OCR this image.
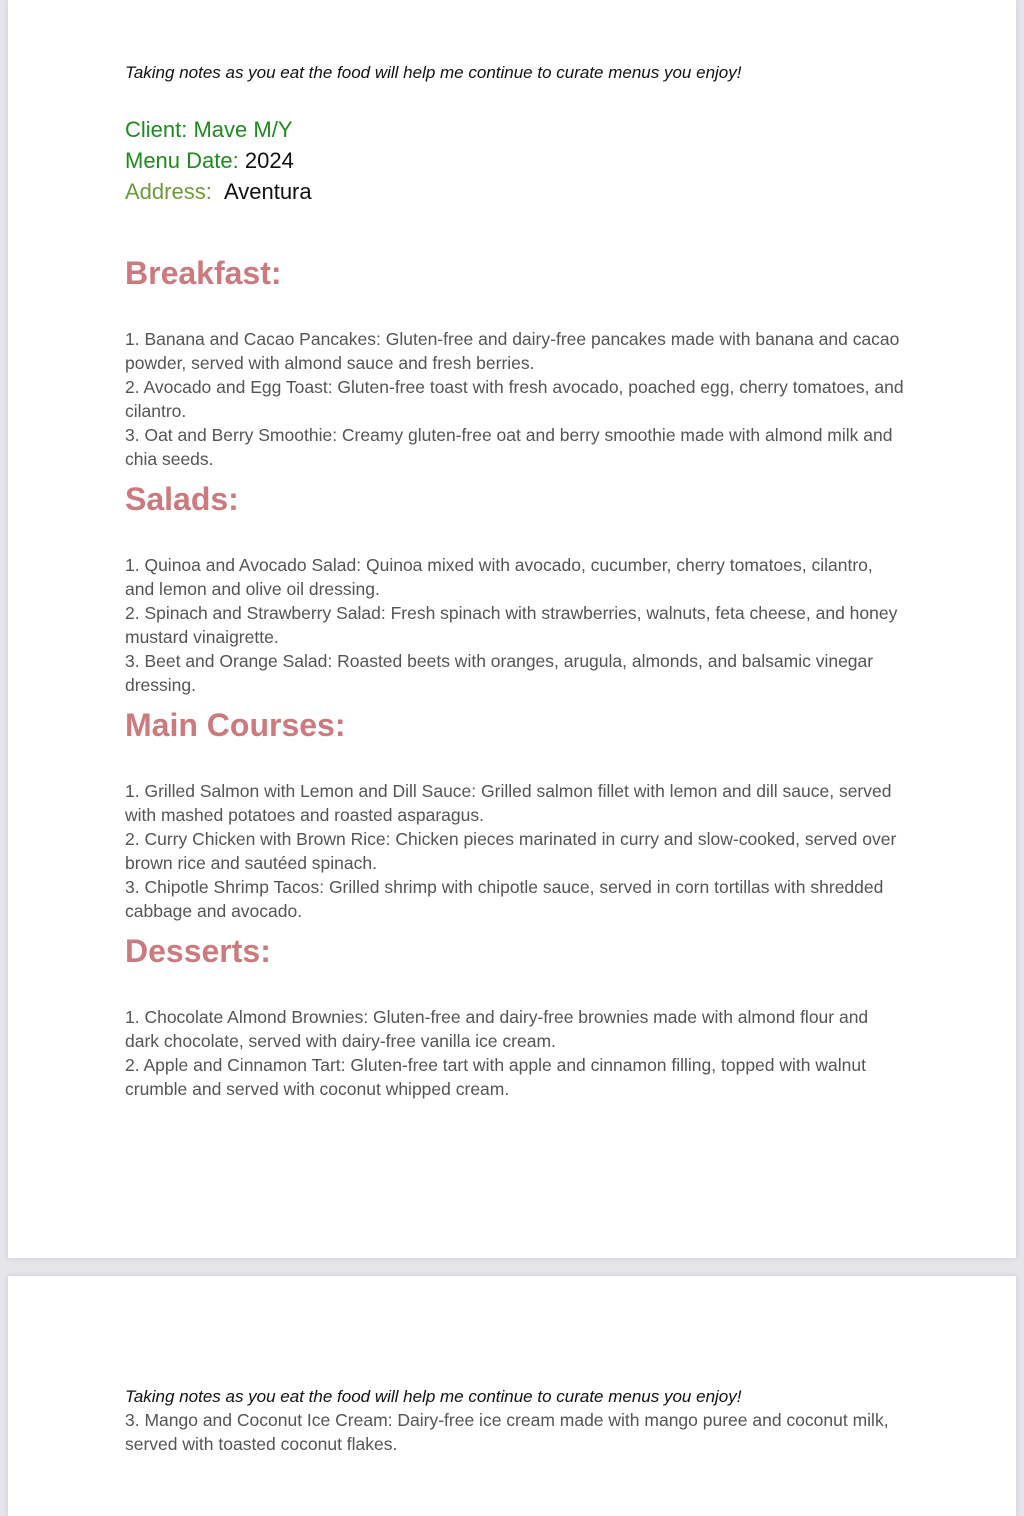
Taking notes as you eat the food will help me continue to curate menus you enjoy!

Client: Mave M/Y

Menu Date: 2024

Address: Aventura

Breakfast:

1. Banana and Cacao Pancakes: Gluten-free and dairy-free pancakes made with banana and cacao powder, served with almond sauce and fresh berries.

2. Avocado and Egg Toast: Gluten-free toast with fresh avocado, poached egg, cherry tomatoes, and cilantro.

3. Oat and Berry Smoothie: Creamy gluten-free oat and berry smoothie made with almond milk and chia seeds.

Salads:

1. Quinoa and Avocado Salad: Quinoa mixed with avocado, cucumber, cherry tomatoes, cilantro, and lemon and olive oil dressing.

2. Spinach and Strawberry Salad: Fresh spinach with strawberries, walnuts, feta cheese, and honey mustard vinaigrette.

3. Beet and Orange Salad: Roasted beets with oranges, arugula, almonds, and balsamic vinegar dressing.

Main Courses:

1. Grilled Salmon with Lemon and Dill Sauce: Grilled salmon fillet with lemon and dill sauce, served with mashed potatoes and roasted asparagus.

2. Curry Chicken with Brown Rice: Chicken pieces marinated in curry and slow-cooked, served over brown rice and sautéed spinach.

3. Chipotle Shrimp Tacos: Grilled shrimp with chipotle sauce, served in corn tortillas with shredded cabbage and avocado.

Desserts:

1. Chocolate Almond Brownies: Gluten-free and dairy-free brownies made with almond flour and dark chocolate, served with dairy-free vanilla ice cream.

2. Apple and Cinnamon Tart: Gluten-free tart with apple and cinnamon filling, topped with walnut crumble and served with coconut whipped cream.

Taking notes as you eat the food will help me continue to curate menus you enjoy!

3. Mango and Coconut Ice Cream: Dairy-free ice cream made with mango puree and coconut milk, served with toasted coconut flakes.
